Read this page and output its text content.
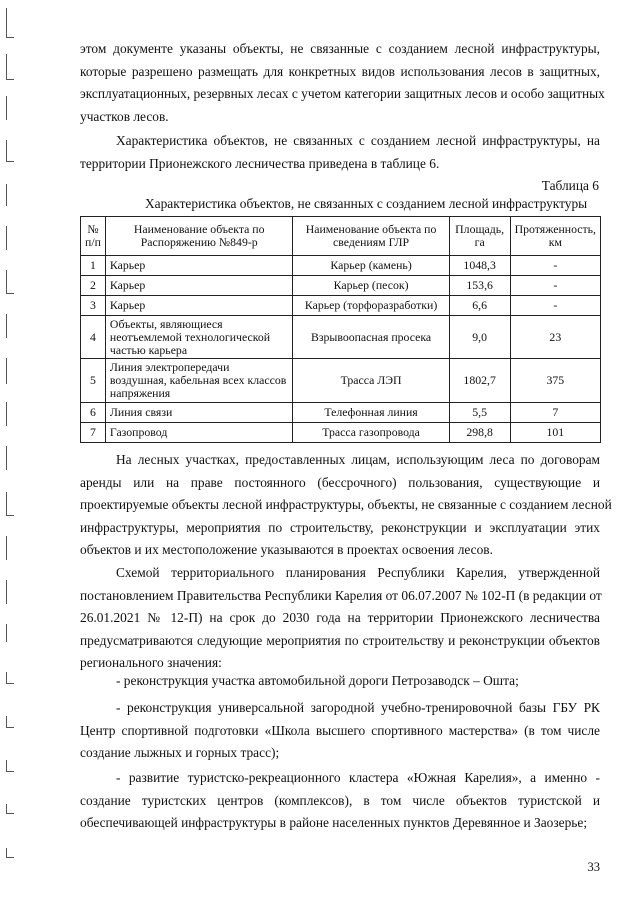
этом документе указаны объекты, не связанные с созданием лесной инфраструктуры,
которые разрешено размещать для конкретных видов использования лесов в защитных,
эксплуатационных, резервных лесах с учетом категории защитных лесов и особо защитных
участков лесов.
Характеристика объектов, не связанных с созданием лесной инфраструктуры, на
территории Прионежского лесничества приведена в таблице 6.
Таблица 6
Характеристика объектов, не связанных с созданием лесной инфраструктуры
№ п/п	Наименование объекта по Распоряжению №849-р	Наименование объекта по сведениям ГЛР	Площадь, га	Протяженность, км
1	Карьер	Карьер (камень)	1048,3	-
2	Карьер	Карьер (песок)	153,6	-
3	Карьер	Карьер (торфоразработки)	6,6	-
4	Объекты, являющиеся неотъемлемой технологической частью карьера	Взрывоопасная просека	9,0	23
5	Линия электропередачи воздушная, кабельная всех классов напряжения	Трасса ЛЭП	1802,7	375
6	Линия связи	Телефонная линия	5,5	7
7	Газопровод	Трасса газопровода	298,8	101
На лесных участках, предоставленных лицам, использующим леса по договорам
аренды или на праве постоянного (бессрочного) пользования, существующие и
проектируемые объекты лесной инфраструктуры, объекты, не связанные с созданием лесной
инфраструктуры, мероприятия по строительству, реконструкции и эксплуатации этих
объектов и их местоположение указываются в проектах освоения лесов.
Схемой территориального планирования Республики Карелия, утвержденной
постановлением Правительства Республики Карелия от 06.07.2007 № 102-П (в редакции от
26.01.2021 № 12-П) на срок до 2030 года на территории Прионежского лесничества
предусматриваются следующие мероприятия по строительству и реконструкции объектов
регионального значения:
- реконструкция участка автомобильной дороги Петрозаводск – Ошта;
- реконструкция универсальной загородной учебно-тренировочной базы ГБУ РК
Центр спортивной подготовки «Школа высшего спортивного мастерства» (в том числе
создание лыжных и горных трасс);
- развитие туристско-рекреационного кластера «Южная Карелия», а именно -
создание туристских центров (комплексов), в том числе объектов туристской и
обеспечивающей инфраструктуры в районе населенных пунктов Деревянное и Заозерье;
33
